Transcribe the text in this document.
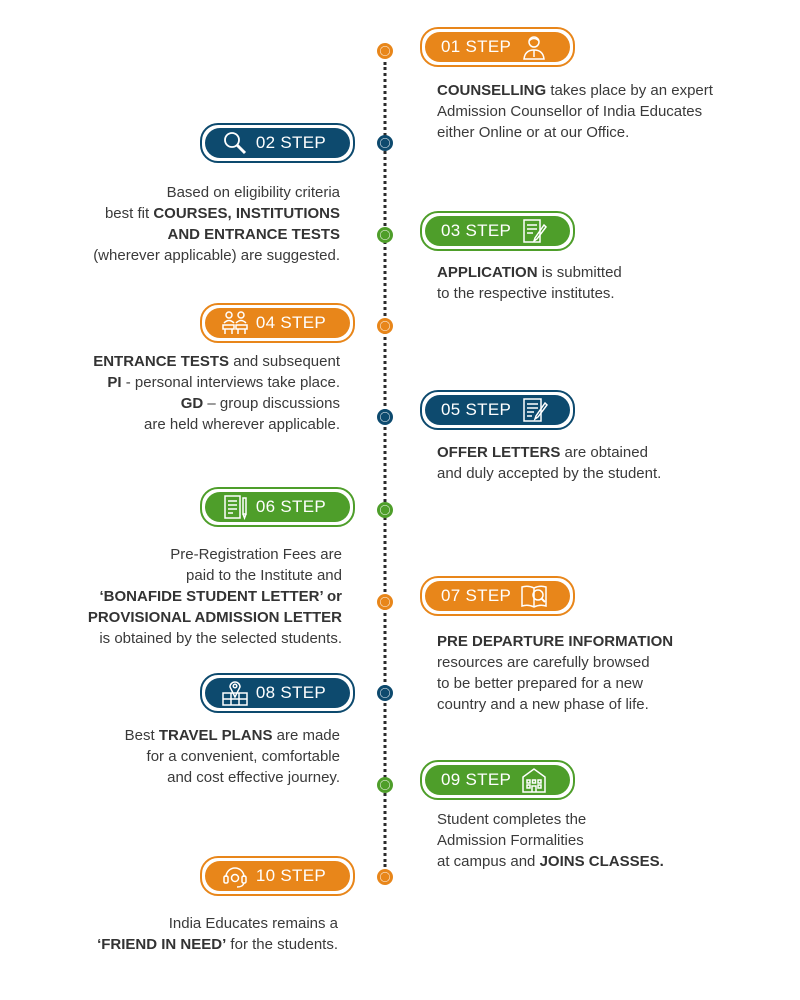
01 STEP
COUNSELLING takes place by an expert
Admission Counsellor of India Educates
either Online or at our Office.
02 STEP
Based on eligibility criteria
best fit COURSES, INSTITUTIONS
AND ENTRANCE TESTS
(wherever applicable) are suggested.
03 STEP
APPLICATION is submitted
to the respective institutes.
04 STEP
ENTRANCE TESTS and subsequent
PI - personal interviews take place.
GD – group discussions
are held wherever applicable.
05 STEP
OFFER LETTERS are obtained
and duly accepted by the student.
06 STEP
Pre-Registration Fees are
paid to the Institute and
‘BONAFIDE STUDENT LETTER’ or
PROVISIONAL ADMISSION LETTER
is obtained by the selected students.
07 STEP
PRE DEPARTURE INFORMATION
resources are carefully browsed
to be better prepared for a new
country and a new phase of life.
08 STEP
Best TRAVEL PLANS are made
for a convenient, comfortable
and cost effective journey.	09 STEP
Student completes the
Admission Formalities
at campus and JOINS CLASSES.
10 STEP
India Educates remains a
‘FRIEND IN NEED’ for the students.
